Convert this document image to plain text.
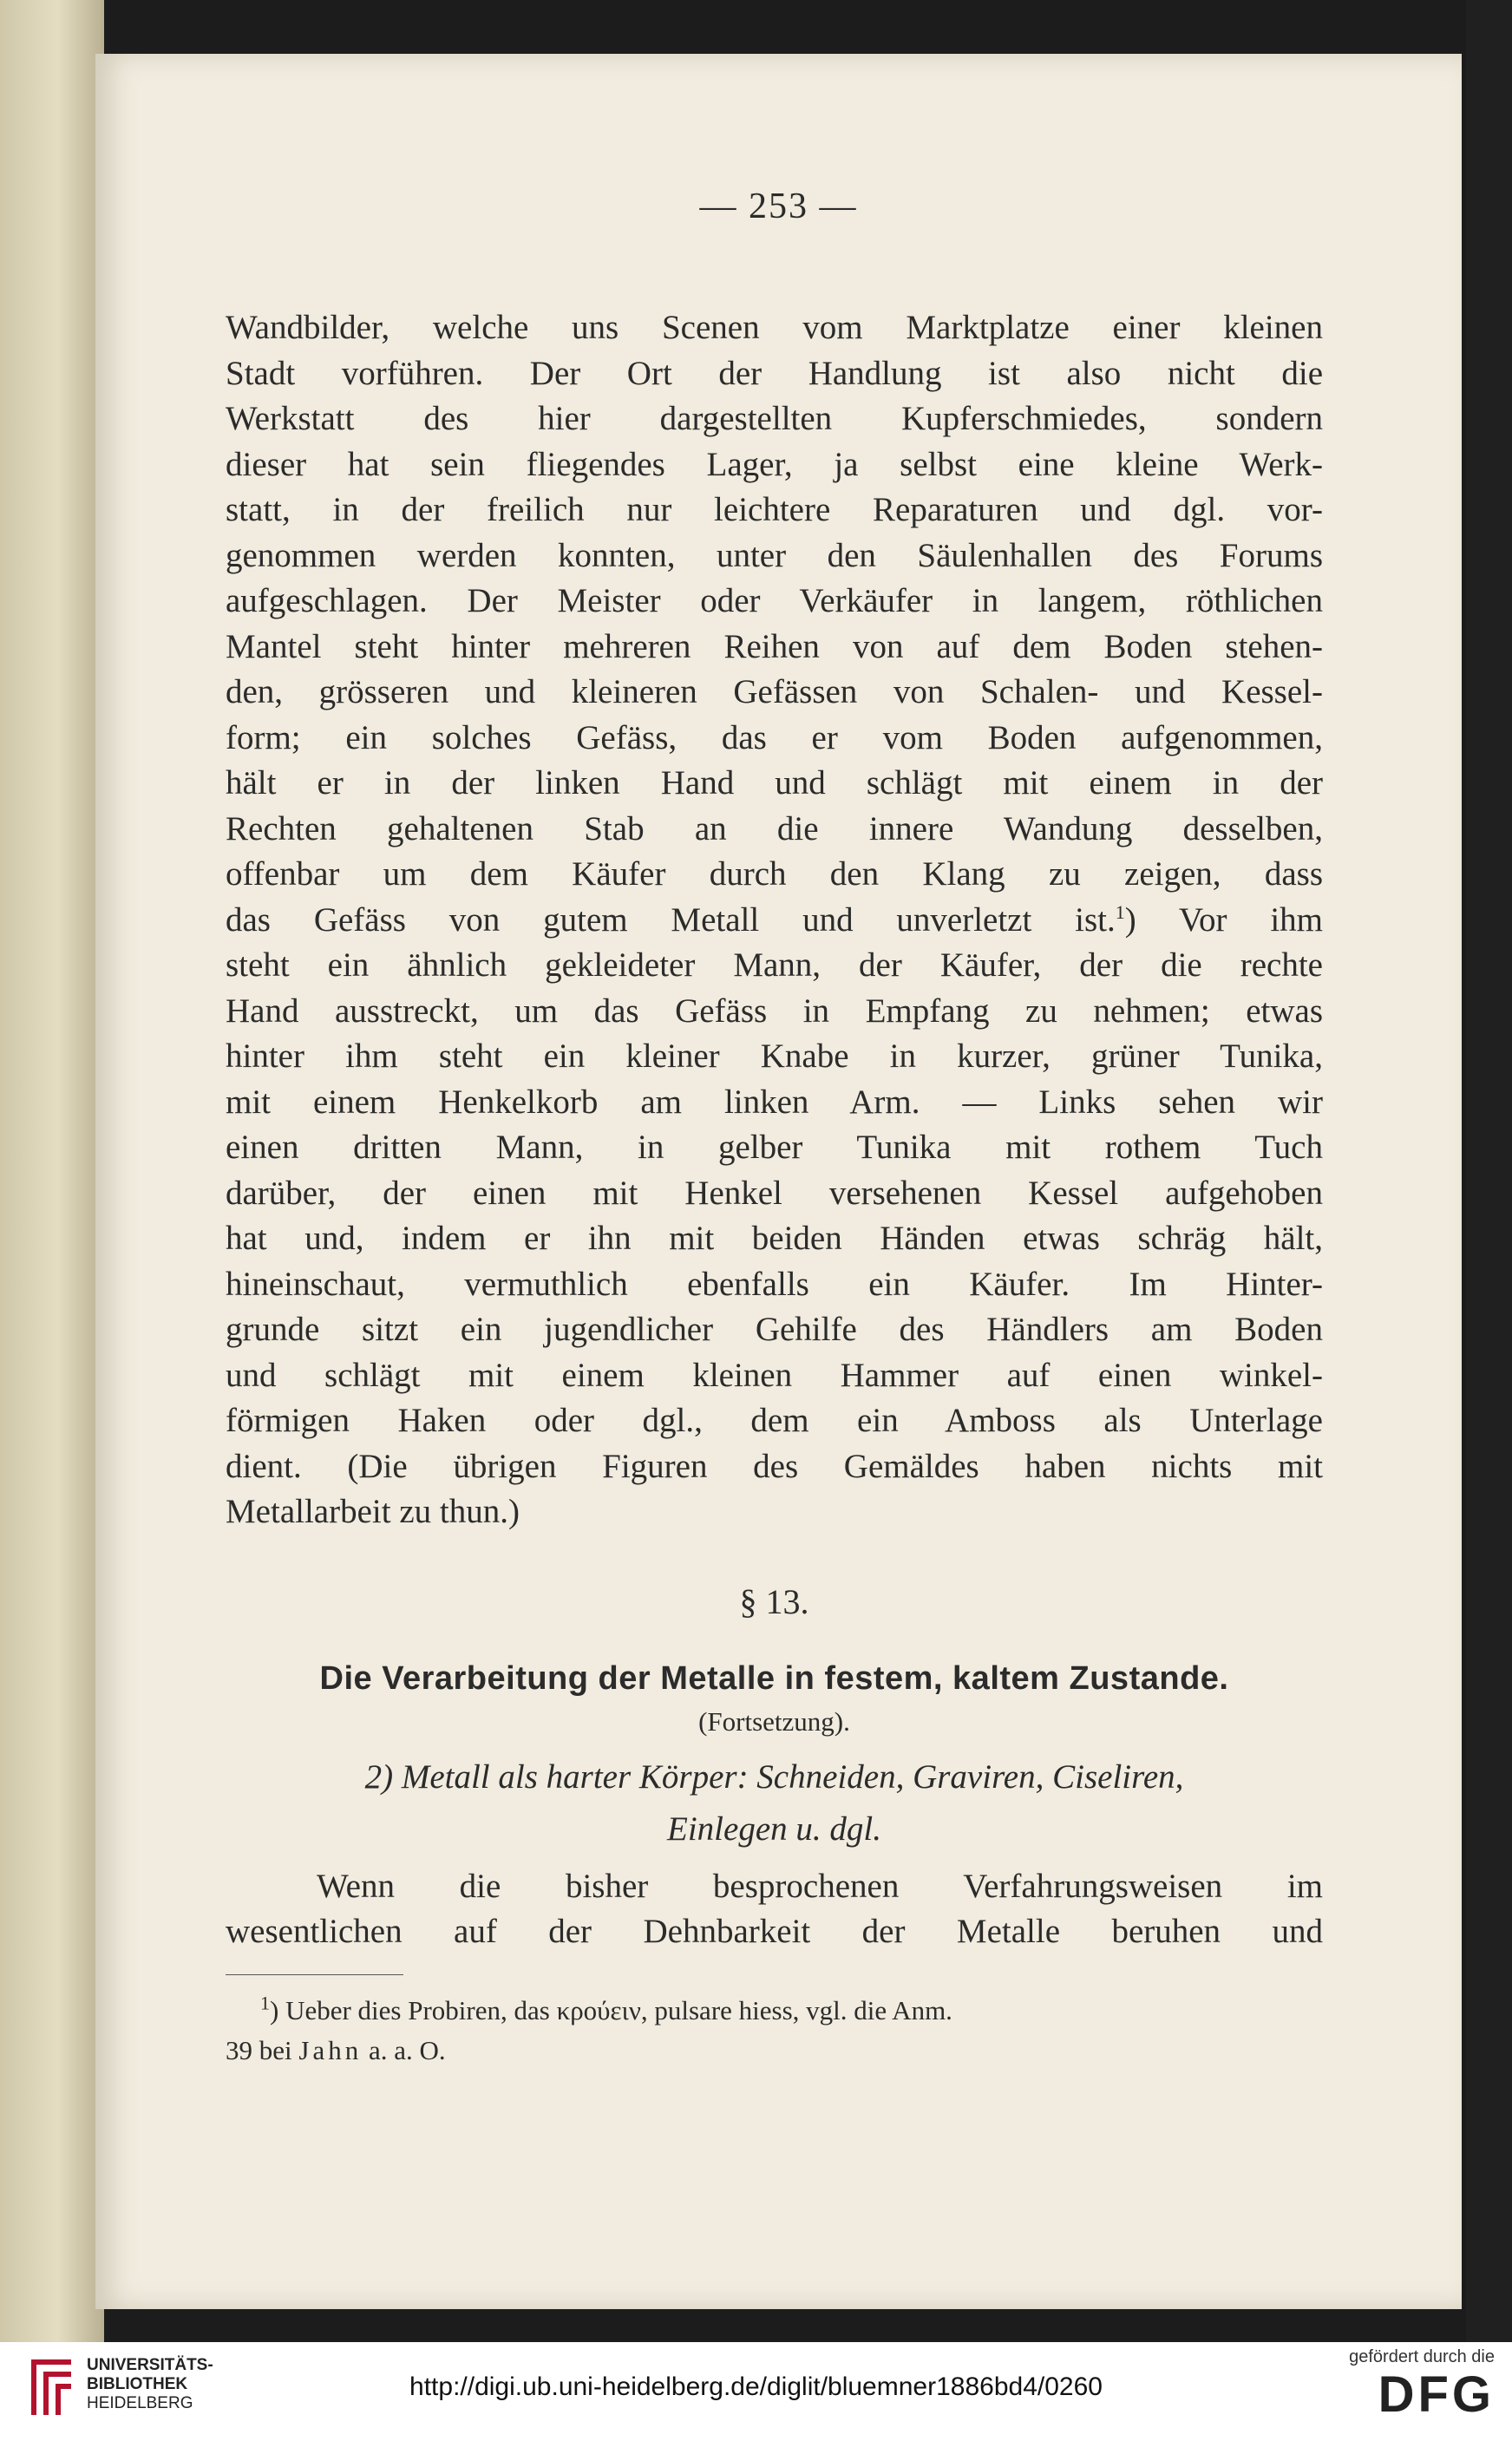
— 253 —
Wandbilder, welche uns Scenen vom Marktplatze einer kleinen
Stadt vorführen. Der Ort der Handlung ist also nicht die
Werkstatt des hier dargestellten Kupferschmiedes, sondern
dieser hat sein fliegendes Lager, ja selbst eine kleine Werk-
statt, in der freilich nur leichtere Reparaturen und dgl. vor-
genommen werden konnten, unter den Säulenhallen des Forums
aufgeschlagen. Der Meister oder Verkäufer in langem, röthlichen
Mantel steht hinter mehreren Reihen von auf dem Boden stehen-
den, grösseren und kleineren Gefässen von Schalen- und Kessel-
form; ein solches Gefäss, das er vom Boden aufgenommen,
hält er in der linken Hand und schlägt mit einem in der
Rechten gehaltenen Stab an die innere Wandung desselben,
offenbar um dem Käufer durch den Klang zu zeigen, dass
das Gefäss von gutem Metall und unverletzt ist.$^1$) Vor ihm
steht ein ähnlich gekleideter Mann, der Käufer, der die rechte
Hand ausstreckt, um das Gefäss in Empfang zu nehmen; etwas
hinter ihm steht ein kleiner Knabe in kurzer, grüner Tunika,
mit einem Henkelkorb am linken Arm. — Links sehen wir
einen dritten Mann, in gelber Tunika mit rothem Tuch
darüber, der einen mit Henkel versehenen Kessel aufgehoben
hat und, indem er ihn mit beiden Händen etwas schräg hält,
hineinschaut, vermuthlich ebenfalls ein Käufer. Im Hinter-
grunde sitzt ein jugendlicher Gehilfe des Händlers am Boden
und schlägt mit einem kleinen Hammer auf einen winkel-
förmigen Haken oder dgl., dem ein Amboss als Unterlage
dient. (Die übrigen Figuren des Gemäldes haben nichts mit
Metallarbeit zu thun.)
§ 13.
Die Verarbeitung der Metalle in festem, kaltem Zustande.
(Fortsetzung).
2) Metall als harter Körper: Schneiden, Graviren, Ciseliren,
Einlegen u. dgl.
Wenn die bisher besprochenen Verfahrungsweisen im
wesentlichen auf der Dehnbarkeit der Metalle beruhen und
$^1$) Ueber dies Probiren, das κρούειν, pulsare hiess, vgl. die Anm.
39 bei Jahn a. a. O.
UNIVERSITÄTS-
BIBLIOTHEK
HEIDELBERG
http://digi.ub.uni-heidelberg.de/diglit/bluemner1886bd4/0260
gefördert durch die
DFG
